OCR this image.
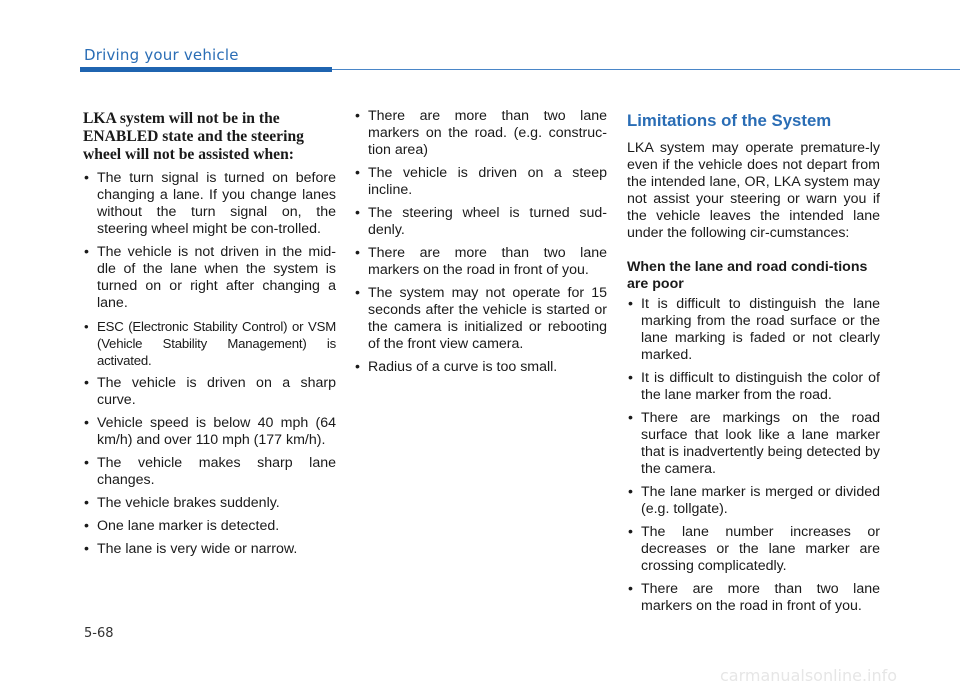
Driving your vehicle
LKA system will not be in the ENABLED state and the steering wheel will not be assisted when:
• The turn signal is turned on before changing a lane. If you change lanes without the turn signal on, the steering wheel might be con-trolled.
• The vehicle is not driven in the mid-dle of the lane when the system is turned on or right after changing a lane.
• ESC (Electronic Stability Control) or VSM (Vehicle Stability Management) is activated.
• The vehicle is driven on a sharp curve.
• Vehicle speed is below 40 mph (64 km/h) and over 110 mph (177 km/h).
• The vehicle makes sharp lane changes.
• The vehicle brakes suddenly.
• One lane marker is detected.
• The lane is very wide or narrow.
• There are more than two lane markers on the road. (e.g. construc-tion area)
• The vehicle is driven on a steep incline.
• The steering wheel is turned sud-denly.
• There are more than two lane markers on the road in front of you.
• The system may not operate for 15 seconds after the vehicle is started or the camera is initialized or rebooting of the front view camera.
• Radius of a curve is too small.
Limitations of the System

LKA system may operate premature-ly even if the vehicle does not depart from the intended lane, OR, LKA system may not assist your steering or warn you if the vehicle leaves the intended lane under the following cir-cumstances:

When the lane and road condi-tions are poor
• It is difficult to distinguish the lane marking from the road surface or the lane marking is faded or not clearly marked.
• It is difficult to distinguish the color of the lane marker from the road.
• There are markings on the road surface that look like a lane marker that is inadvertently being detected by the camera.
• The lane marker is merged or divided (e.g. tollgate).
• The lane number increases or decreases or the lane marker are crossing complicatedly.
• There are more than two lane markers on the road in front of you.
5-68
carmanualsonline.info
